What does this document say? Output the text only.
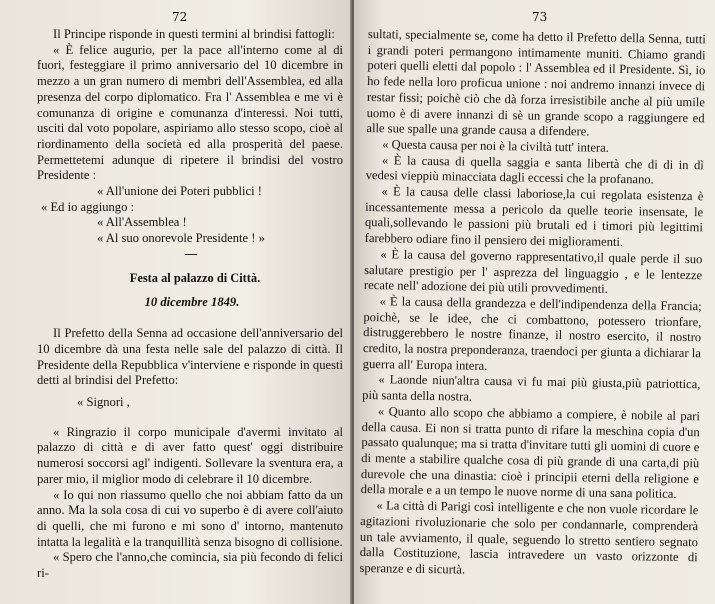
72

Il Principe risponde in questi termini al brindisi fattogli:

« È felice augurio, per la pace all'interno come al di fuori, festeggiare il primo anniversario del 10 dicembre in mezzo a un gran numero di membri dell'Assemblea, ed alla presenza del corpo diplomatico. Fra l' Assemblea e me vi è comunanza di origine e comunanza d'interessi. Noi tutti, usciti dal voto popolare, aspiriamo allo stesso scopo, cioè al riordinamento della società ed alla prosperità del paese. Permettetemi adunque di ripetere il brindisi del vostro Presidente :

« All'unione dei Poteri pubblici !

« Ed io aggiungo :

« All'Assemblea !

« Al suo onorevole Presidente ! »

Festa al palazzo di Città.

10 dicembre 1849.

Il Prefetto della Senna ad occasione dell'anniversario del 10 dicembre dà una festa nelle sale del palazzo di città. Il Presidente della Repubblica v'interviene e risponde in questi detti al brindisi del Prefetto:

« Signori ,

« Ringrazio il corpo municipale d'avermi invitato al palazzo di città e di aver fatto quest' oggi distribuire numerosi soccorsi agl' indigenti. Sollevare la sventura era, a parer mio, il miglior modo di celebrare il 10 dicembre.

« Io qui non riassumo quello che noi abbiam fatto da un anno. Ma la sola cosa di cui vo superbo è di avere coll'aiuto di quelli, che mi furono e mi sono d' intorno, mantenuto intatta la legalità e la tranquillità senza bisogno di collisione.

« Spero che l'anno,che comincia, sia più fecondo di felici ri-

73

sultati, specialmente se, come ha detto il Prefetto della Senna, tutti i grandi poteri permangono intimamente muniti. Chiamo grandi poteri quelli eletti dal popolo : l' Assemblea ed il Presidente. Sì, io ho fede nella loro proficua unione : noi andremo innanzi invece di restar fissi; poichè ciò che dà forza irresistibile anche al più umile uomo è di avere innanzi di sè un grande scopo a raggiungere ed alle sue spalle una grande causa a difendere.

« Questa causa per noi è la civiltà tutt' intera.

« È la causa di quella saggia e santa libertà che di di in dì vedesi vieppiù minacciata dagli eccessi che la profanano.

« È la causa delle classi laboriose,la cui regolata esistenza è incessantemente messa a pericolo da quelle teorie insensate, le quali,sollevando le passioni più brutali ed i timori più legittimi farebbero odiare fino il pensiero dei miglioramenti.

« È la causa del governo rappresentativo,il quale perde il suo salutare prestigio per l' asprezza del linguaggio , e le lentezze recate nell' adozione dei più utili provvedimenti.

« È la causa della grandezza e dell'indipendenza della Francia; poichè, se le idee, che ci combattono, potessero trionfare, distruggerebbero le nostre finanze, il nostro esercito, il nostro credito, la nostra preponderanza, traendoci per giunta a dichiarar la guerra all' Europa intera.

« Laonde niun'altra causa vi fu mai più giusta,più patriottica, più santa della nostra.

« Quanto allo scopo che abbiamo a compiere, è nobile al pari della causa. Ei non si tratta punto di rifare la meschina copia d'un passato qualunque; ma si tratta d'invitare tutti gli uomini di cuore e di mente a stabilire qualche cosa di più grande di una carta,di più durevole che una dinastia: cioè i principii eterni della religione e della morale e a un tempo le nuove norme di una sana politica.

« La città di Parigi così intelligente e che non vuole ricordare le agitazioni rivoluzionarie che solo per condannarle, comprenderà un tale avviamento, il quale, seguendo lo stretto sentiero segnato dalla Costituzione, lascia intravedere un vasto orizzonte di speranze e di sicurtà.
